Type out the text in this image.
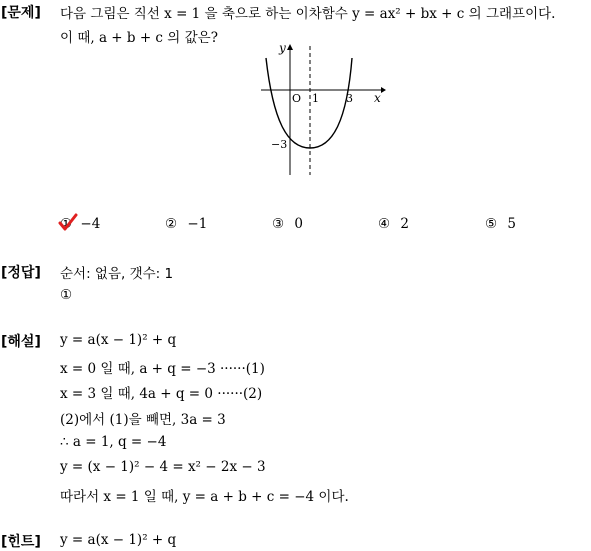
[문제] 다음 그림은 직선 x = 1 을 축으로 하는 이차함수 y = ax² + bx + c 의 그래프이다.
이 때, a + b + c 의 값은?
y
x
O 1 3
−3
① −4	② −1	③ 0	④ 2	⑤ 5
[정답] 순서: 없음, 갯수: 1
①
[해설] y = a(x − 1)² + q
x = 0 일 때, a + q = −3 ······(1)
x = 3 일 때, 4a + q = 0 ······(2)
(2)에서 (1)을 빼면, 3a = 3
∴ a = 1, q = −4
y = (x − 1)² − 4 = x² − 2x − 3
따라서 x = 1 일 때, y = a + b + c = −4 이다.
[힌트] y = a(x − 1)² + q
